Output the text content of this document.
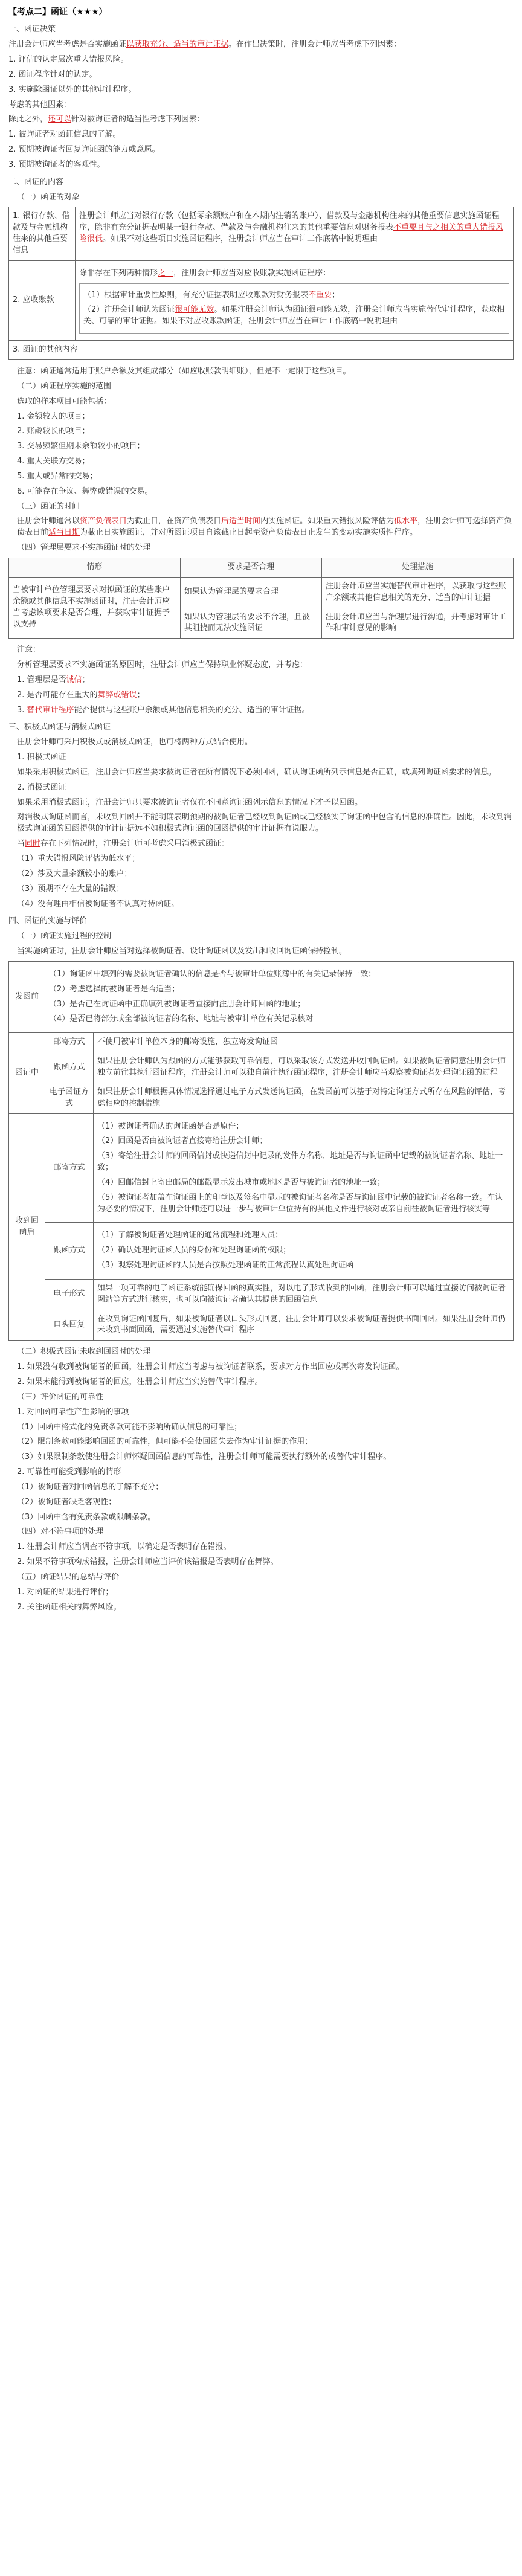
【考点二】函证（★★★）
一、函证决策
注册会计师应当考虑是否实施函证以获取充分、适当的审计证据。在作出决策时，注册会计师应当考虑下列因素：
1. 评估的认定层次重大错报风险。
2. 函证程序针对的认定。
3. 实施除函证以外的其他审计程序。
考虑的其他因素：
除此之外，还可以针对被询证者的适当性考虑下列因素：
1. 被询证者对函证信息的了解。
2. 预期被询证者回复询证函的能力或意愿。
3. 预期被询证者的客观性。
二、函证的内容
（一）函证的对象
1. 银行存款、借款及与金融机构往来的其他重要信息	注册会计师应当对银行存款（包括零余额账户和在本期内注销的账户）、借款及与金融机构往来的其他重要信息实施函证程序，除非有充分证据表明某一银行存款、借款及与金融机构往来的其他重要信息对财务报表不重要且与之相关的重大错报风险很低。如果不对这些项目实施函证程序，注册会计师应当在审计工作底稿中说明理由
2. 应收账款	除非存在下列两种情形之一，注册会计师应当对应收账款实施函证程序：
（1）根据审计重要性原则，有充分证据表明应收账款对财务报表不重要；
（2）注册会计师认为函证很可能无效。如果注册会计师认为函证很可能无效，注册会计师应当实施替代审计程序，获取相关、可靠的审计证据。如果不对应收账款函证，注册会计师应当在审计工作底稿中说明理由

3. 函证的其他内容	
注意：函证通常适用于账户余额及其组成部分（如应收账款明细账），但是不一定限于这些项目。
（二）函证程序实施的范围
选取的样本项目可能包括：
1. 金额较大的项目；
2. 账龄较长的项目；
3. 交易频繁但期末余额较小的项目；
4. 重大关联方交易；
5. 重大或异常的交易；
6. 可能存在争议、舞弊或错误的交易。
（三）函证的时间
注册会计师通常以资产负债表日为截止日，在资产负债表日后适当时间内实施函证。如果重大错报风险评估为低水平，注册会计师可选择资产负债表日前适当日期为截止日实施函证，并对所函证项目自该截止日起至资产负债表日止发生的变动实施实质性程序。
（四）管理层要求不实施函证时的处理
情形	要求是否合理	处理措施
当被审计单位管理层要求对拟函证的某些账户余额或其他信息不实施函证时，注册会计师应当考虑该项要求是否合理，并获取审计证据予以支持	如果认为管理层的要求合理	注册会计师应当实施替代审计程序，以获取与这些账户余额或其他信息相关的充分、适当的审计证据
	如果认为管理层的要求不合理，且被其阻挠而无法实施函证	注册会计师应当与治理层进行沟通，并考虑对审计工作和审计意见的影响
注意：
分析管理层要求不实施函证的原因时，注册会计师应当保持职业怀疑态度，并考虑：
1. 管理层是否诚信；
2. 是否可能存在重大的舞弊或错误；
3. 替代审计程序能否提供与这些账户余额或其他信息相关的充分、适当的审计证据。
三、积极式函证与消极式函证
注册会计师可采用积极式或消极式函证，也可将两种方式结合使用。
1. 积极式函证
如果采用积极式函证，注册会计师应当要求被询证者在所有情况下必须回函，确认询证函所列示信息是否正确，或填列询证函要求的信息。
2. 消极式函证
如果采用消极式函证，注册会计师只要求被询证者仅在不同意询证函列示信息的情况下才予以回函。
对消极式询证函而言，未收到回函并不能明确表明预期的被询证者已经收到询证函或已经核实了询证函中包含的信息的准确性。因此，未收到消极式询证函的回函提供的审计证据远不如积极式询证函的回函提供的审计证据有说服力。
当同时存在下列情况时，注册会计师可考虑采用消极式函证：
（1）重大错报风险评估为低水平；
（2）涉及大量余额较小的账户；
（3）预期不存在大量的错误；
（4）没有理由相信被询证者不认真对待函证。
四、函证的实施与评价
（一）函证实施过程的控制
当实施函证时，注册会计师应当对选择被询证者、设计询证函以及发出和收回询证函保持控制。
发函前	（1）询证函中填列的需要被询证者确认的信息是否与被审计单位账簿中的有关记录保持一致；
（2）考虑选择的被询证者是否适当；
（3）是否已在询证函中正确填列被询证者直接向注册会计师回函的地址；
（4）是否已将部分或全部被询证者的名称、地址与被审计单位有关记录核对	

函证中	邮寄方式	不使用被审计单位本身的邮寄设施，独立寄发询证函
	跟函方式	如果注册会计师认为跟函的方式能够获取可靠信息，可以采取该方式发送并收回询证函。如果被询证者同意注册会计师独立前往其执行函证程序，注册会计师可以独自前往执行函证程序，注册会计师应当观察被询证者处理询证函的过程
	电子函证方式	如果注册会计师根据具体情况选择通过电子方式发送询证函，在发函前可以基于对特定询证方式所存在风险的评估，考虑相应的控制措施
收到回函后	邮寄方式	（1）被询证者确认的询证函是否是原件；
（2）回函是否由被询证者直接寄给注册会计师；
（3）寄给注册会计师的回函信封或快递信封中记录的发件方名称、地址是否与询证函中记载的被询证者名称、地址一致；
（4）回邮信封上寄出邮局的邮戳显示发出城市或地区是否与被询证者的地址一致；
（5）被询证者加盖在询证函上的印章以及签名中显示的被询证者名称是否与询证函中记载的被询证者名称一致。在认为必要的情况下，注册会计师还可以进一步与被审计单位持有的其他文件进行核对或亲自前往被询证者进行核实等

	跟函方式	（1）了解被询证者处理函证的通常流程和处理人员；
（2）确认处理询证函人员的身份和处理询证函的权限；
（3）观察处理询证函的人员是否按照处理函证的正常流程认真处理询证函

	电子形式	如果一项可靠的电子函证系统能确保回函的真实性，对以电子形式收到的回函，注册会计师可以通过直接访问被询证者网站等方式进行核实，也可以向被询证者确认其提供的回函信息
	口头回复	在收到询证函回复后，如果被询证者以口头形式回复，注册会计师可以要求被询证者提供书面回函。如果注册会计师仍未收到书面回函，需要通过实施替代审计程序
（二）积极式函证未收到回函时的处理
1. 如果没有收到被询证者的回函，注册会计师应当考虑与被询证者联系，要求对方作出回应或再次寄发询证函。
2. 如果未能得到被询证者的回应，注册会计师应当实施替代审计程序。
（三）评价函证的可靠性
1. 对回函可靠性产生影响的事项
（1）回函中格式化的免责条款可能不影响所确认信息的可靠性；
（2）限制条款可能影响回函的可靠性，但可能不会使回函失去作为审计证据的作用；
（3）如果限制条款使注册会计师怀疑回函信息的可靠性，注册会计师可能需要执行额外的或替代审计程序。
2. 可靠性可能受到影响的情形
（1）被询证者对回函信息的了解不充分；
（2）被询证者缺乏客观性；
（3）回函中含有免责条款或限制条款。
（四）对不符事项的处理
1. 注册会计师应当调查不符事项，以确定是否表明存在错报。
2. 如果不符事项构成错报，注册会计师应当评价该错报是否表明存在舞弊。
（五）函证结果的总结与评价
1. 对函证的结果进行评价；
2. 关注函证相关的舞弊风险。
